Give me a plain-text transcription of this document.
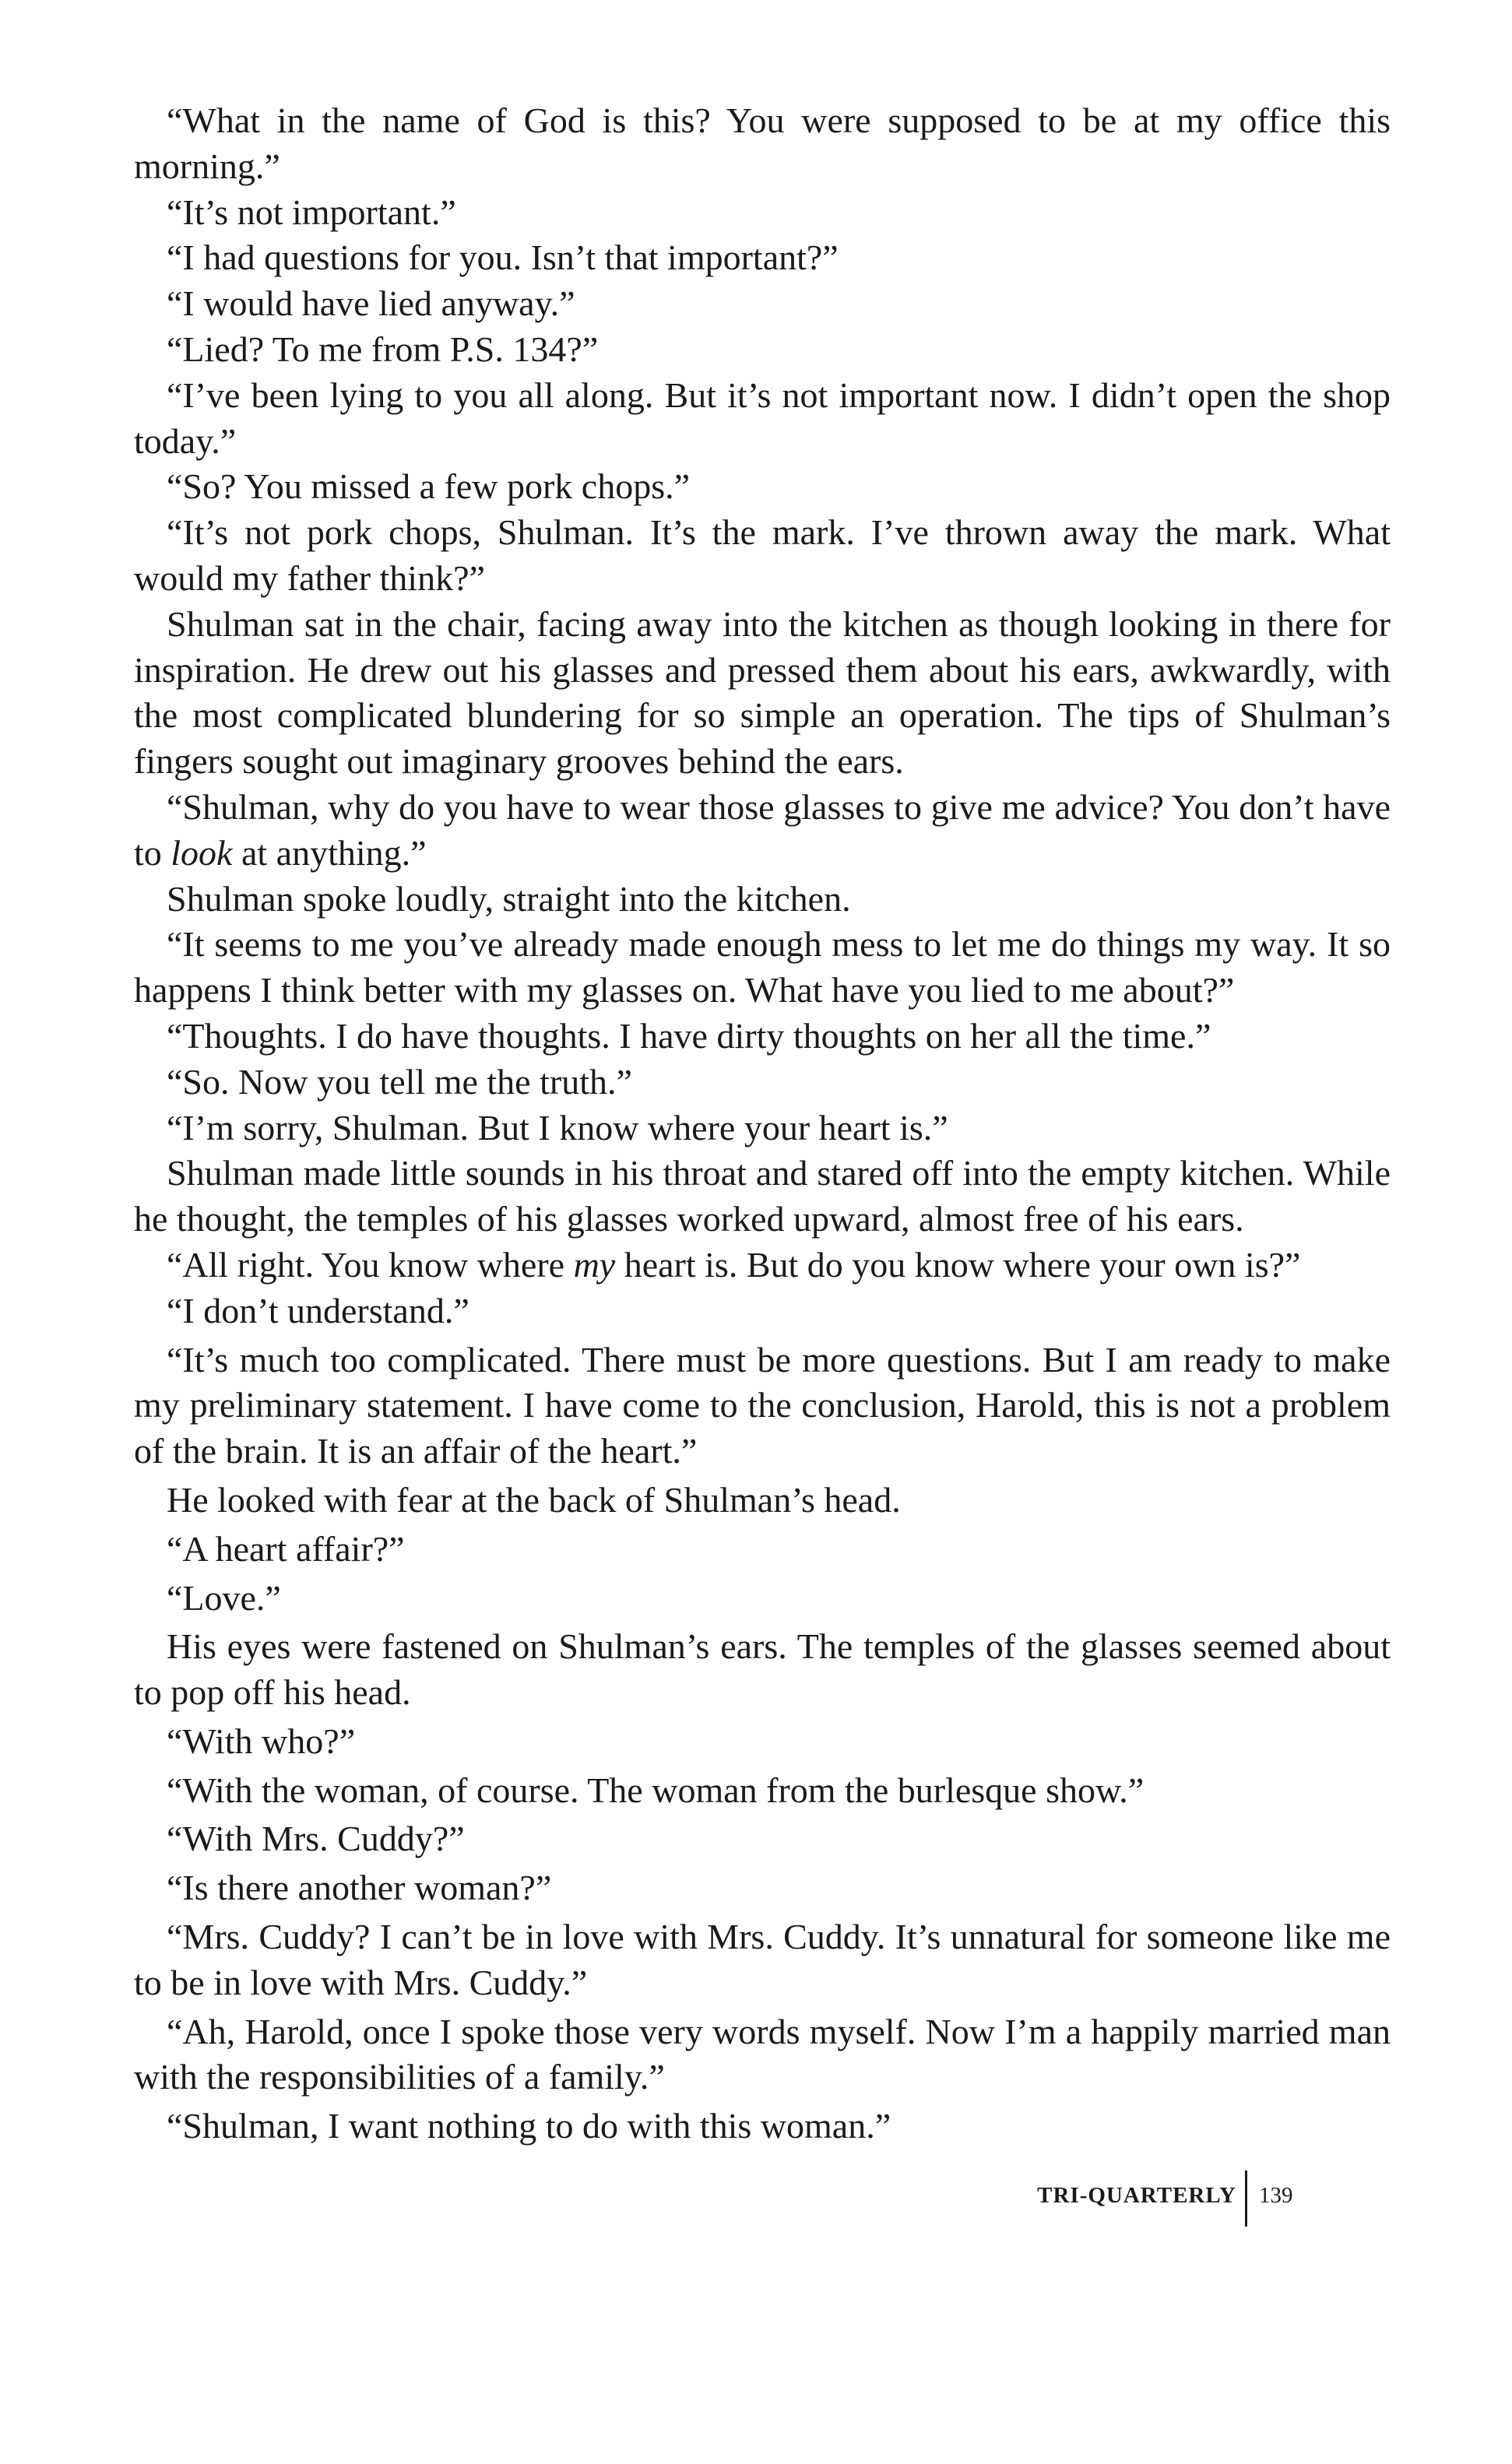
“What in the name of God is this? You were supposed to be at my office this morning.”

“It’s not important.”

“I had questions for you. Isn’t that important?”

“I would have lied anyway.”

“Lied? To me from P.S. 134?”

“I’ve been lying to you all along. But it’s not important now. I didn’t open the shop today.”

“So? You missed a few pork chops.”

“It’s not pork chops, Shulman. It’s the mark. I’ve thrown away the mark. What would my father think?”

Shulman sat in the chair, facing away into the kitchen as though looking in there for inspiration. He drew out his glasses and pressed them about his ears, awkwardly, with the most complicated blundering for so simple an operation. The tips of Shulman’s fingers sought out imaginary grooves behind the ears.

“Shulman, why do you have to wear those glasses to give me advice? You don’t have to look at anything.”

Shulman spoke loudly, straight into the kitchen.

“It seems to me you’ve already made enough mess to let me do things my way. It so happens I think better with my glasses on. What have you lied to me about?”

“Thoughts. I do have thoughts. I have dirty thoughts on her all the time.”

“So. Now you tell me the truth.”

“I’m sorry, Shulman. But I know where your heart is.”

Shulman made little sounds in his throat and stared off into the empty kitchen. While he thought, the temples of his glasses worked upward, almost free of his ears.

“All right. You know where my heart is. But do you know where your own is?”

“I don’t understand.”

“It’s much too complicated. There must be more questions. But I am ready to make my preliminary statement. I have come to the conclusion, Harold, this is not a problem of the brain. It is an affair of the heart.”

He looked with fear at the back of Shulman’s head.

“A heart affair?”

“Love.”

His eyes were fastened on Shulman’s ears. The temples of the glasses seemed about to pop off his head.

“With who?”

“With the woman, of course. The woman from the burlesque show.”

“With Mrs. Cuddy?”

“Is there another woman?”

“Mrs. Cuddy? I can’t be in love with Mrs. Cuddy. It’s unnatural for someone like me to be in love with Mrs. Cuddy.”

“Ah, Harold, once I spoke those very words myself. Now I’m a happily married man with the responsibilities of a family.”

“Shulman, I want nothing to do with this woman.”

TRI-QUARTERLY 139
